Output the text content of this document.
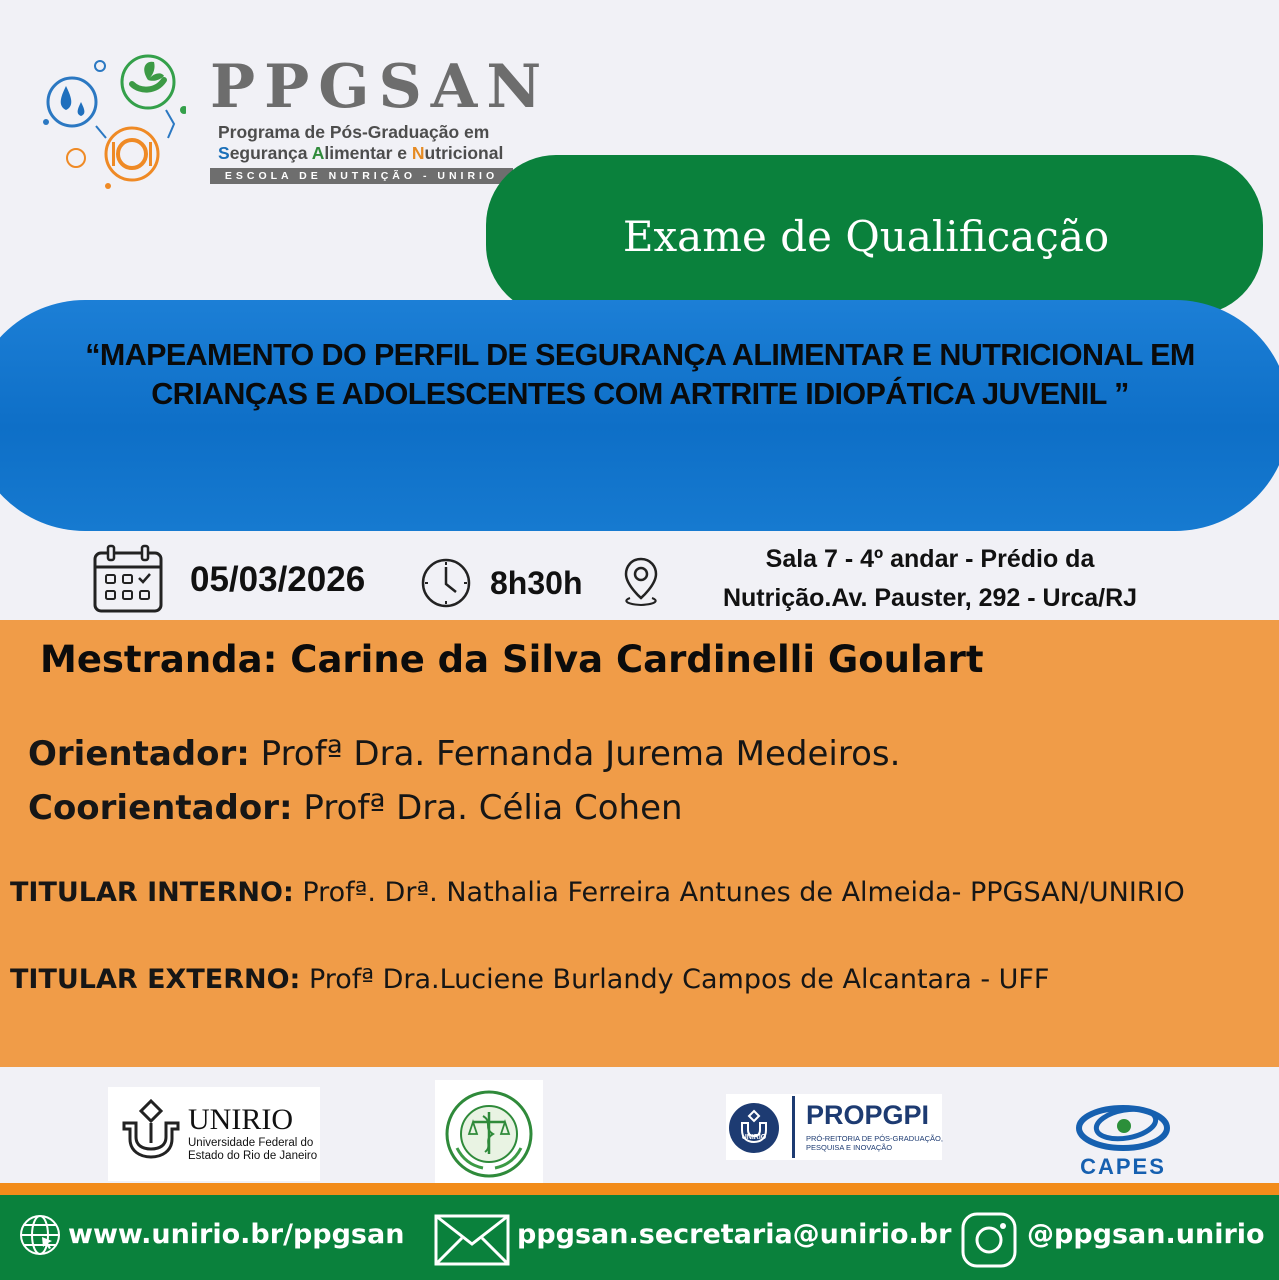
PPGSAN
Programa de Pós-Graduação em
Segurança Alimentar e Nutricional
ESCOLA DE NUTRIÇÃO - UNIRIO
Exame de Qualificação
“MAPEAMENTO DO PERFIL DE SEGURANÇA ALIMENTAR E NUTRICIONAL EM CRIANÇAS E ADOLESCENTES COM ARTRITE IDIOPÁTICA JUVENIL ”
05/03/2026	8h30h
Sala 7 - 4º andar - Prédio da
Nutrição.Av. Pauster, 292 - Urca/RJ
Mestranda: Carine da Silva Cardinelli Goulart
Orientador: Profª Dra. Fernanda Jurema Medeiros.
Coorientador: Profª Dra. Célia Cohen
TITULAR INTERNO: Profª. Drª. Nathalia Ferreira Antunes de Almeida- PPGSAN/UNIRIO
TITULAR EXTERNO: Profª Dra.Luciene Burlandy Campos de Alcantara - UFF
UNIRIO
Universidade Federal do
Estado do Rio de Janeiro
UNIRIO
PROPGPI
PRÓ-REITORIA DE PÓS-GRADUAÇÃO,
PESQUISA E INOVAÇÃO
CAPES
www.unirio.br/ppgsan	ppgsan.secretaria@unirio.br	@ppgsan.unirio
